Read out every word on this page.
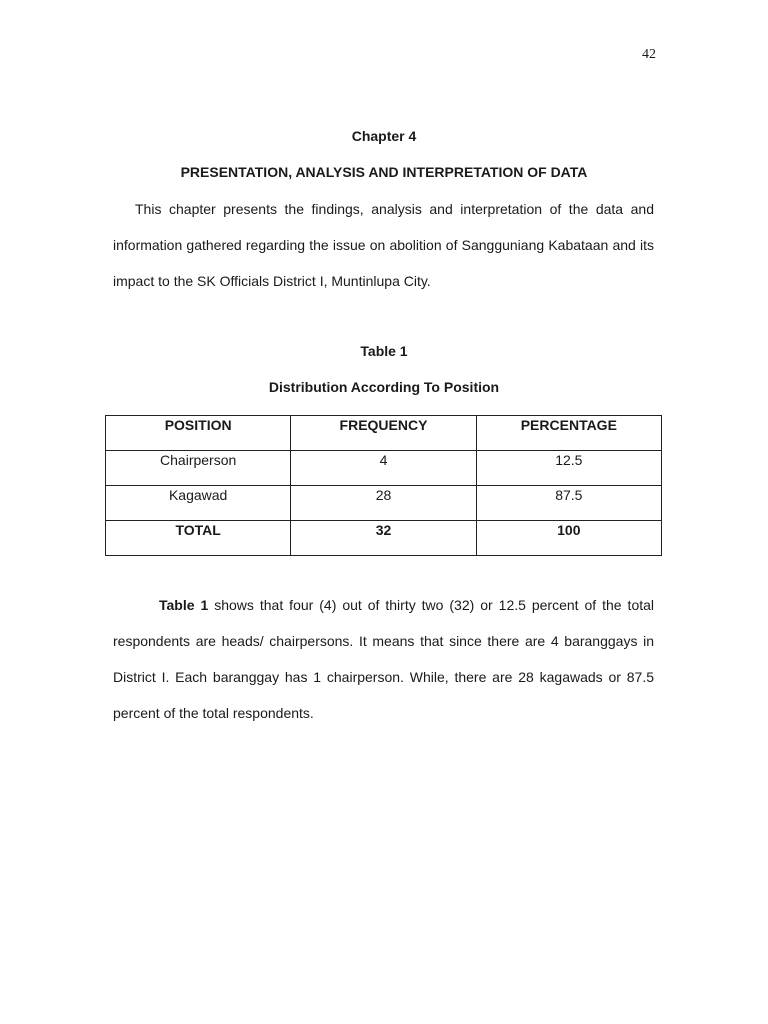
42
Chapter 4
PRESENTATION, ANALYSIS AND INTERPRETATION OF DATA

This chapter presents the findings, analysis and interpretation of the data and information gathered regarding the issue on abolition of Sangguniang Kabataan and its impact to the SK Officials District I, Muntinlupa City.

Table 1
Distribution According To Position
POSITION	FREQUENCY	PERCENTAGE
Chairperson	4	12.5
Kagawad	28	87.5
TOTAL	32	100

Table 1 shows that four (4) out of thirty two (32) or 12.5 percent of the total respondents are heads/ chairpersons. It means that since there are 4 baranggays in District I. Each baranggay has 1 chairperson. While, there are 28 kagawads or 87.5 percent of the total respondents.
